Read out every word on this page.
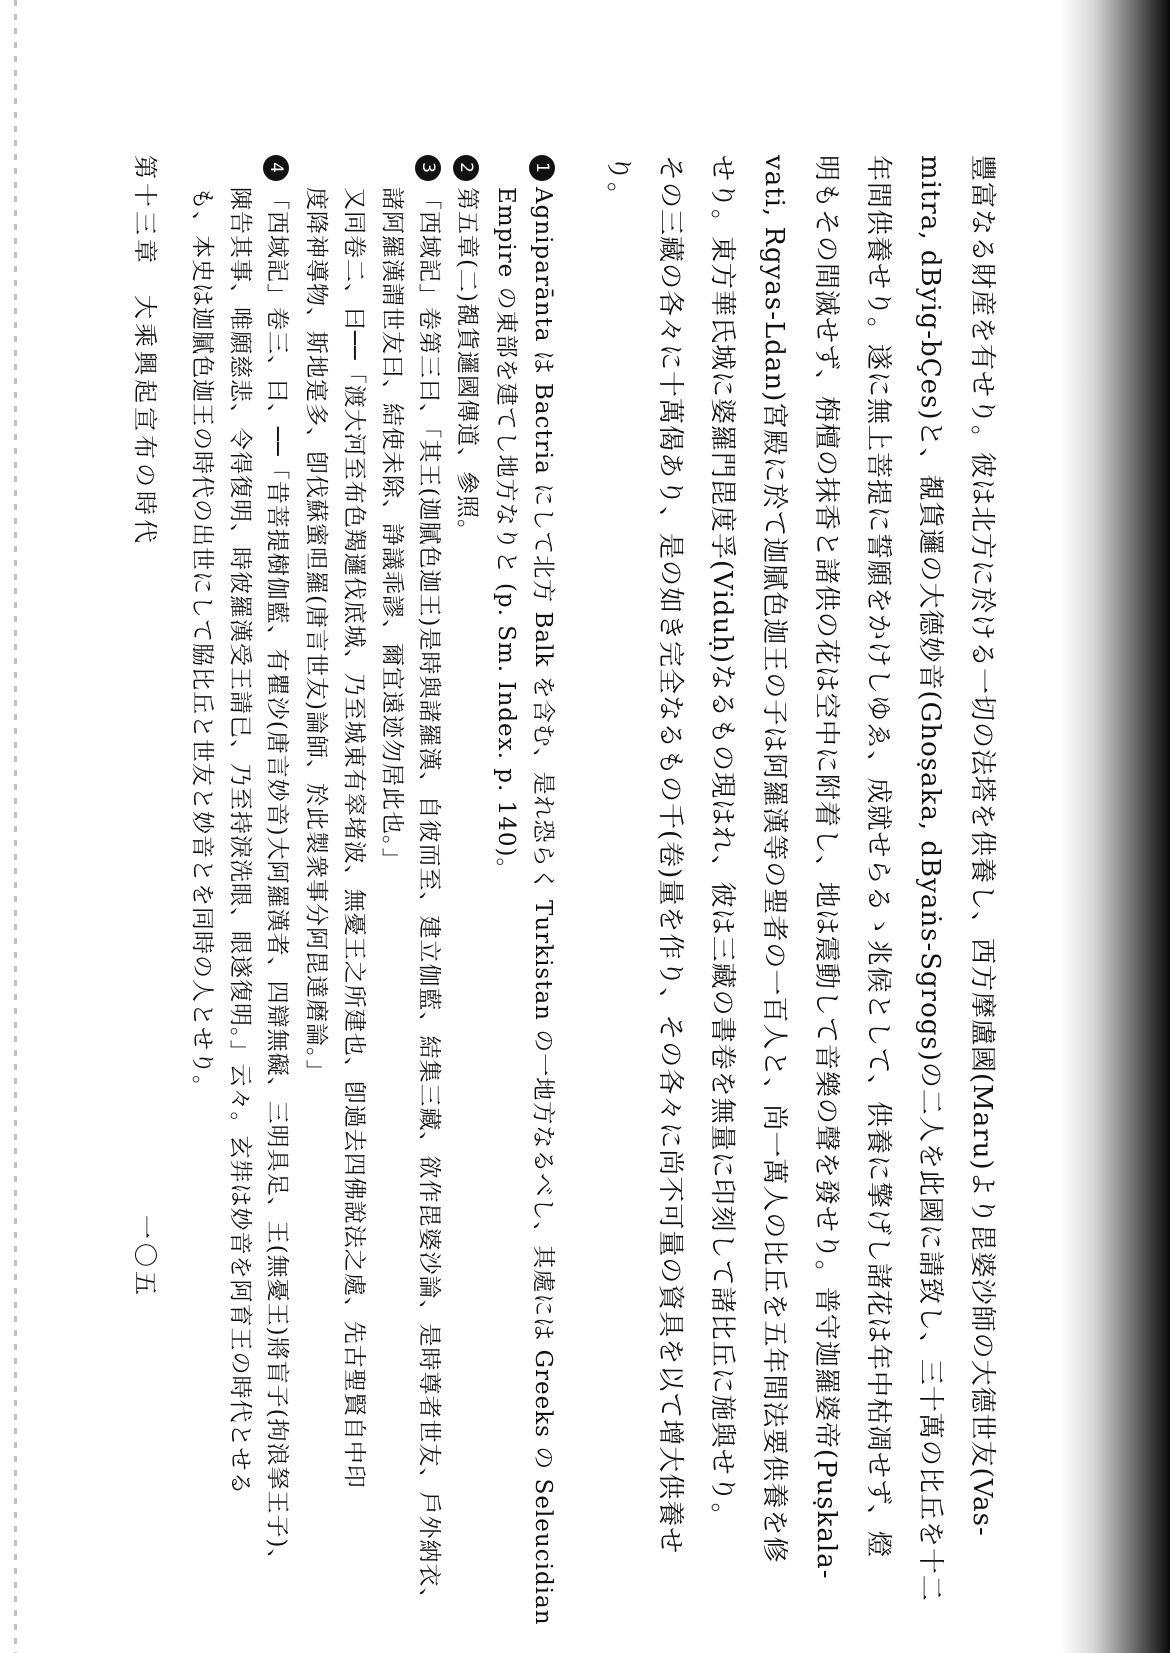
豐富なる財産を有せり。彼は北方に於ける一切の法塔を供養し、西方摩盧國(Maru)より毘婆沙師の大德世友(Vas-
mitra, dByig-bÇes)と、覩貨邏の大德妙音(Ghoṣaka, dByaṅs-Sgrogs)の二人を此國に請致し、三十萬の比丘を十二
年間供養せり。遂に無上菩提に誓願をかけしゆゑ、成就せらるゝ兆候として、供養に擎げし諸花は年中枯凋せず、燈
明もその間滅せず、栴檀の抹香と諸供の花は空中に附着し、地は震動して音樂の聲を發せり。普守迦羅婆帝(Puṣkala-
vati, Rgyas-Ldan)宮殿に於て迦膩色迦王の子は阿羅漢等の聖者の一百人と、尚一萬人の比丘を五年間法要供養を修
せり。東方華氏城に婆羅門毘度孚(Viduḥ)なるもの現はれ、彼は三藏の書卷を無量に印刻して諸比丘に施與せり。
その三藏の各々に十萬偈あり、是の如き完全なるもの千(卷)量を作り、その各々に尚不可量の資具を以て增大供養せ
り。
1Agniparānta は Bactria にして北方 Balk を含む、是れ恐らく Turkistan の一地方なるべし、其處には Greeks の Seleucidian
Empire の東部を建てし地方なりと (p. Sm. Index. p. 140)。
2第五章(二)覩貨邏國傳道、參照。
3「西域記」卷第三曰、「其王(迦膩色迦王)是時與諸羅漢、自彼而至、建立伽藍、結集三藏、欲作毘婆沙論、是時尊者世友、戶外納衣、
諸阿羅漢謂世友曰、結使未除、諍議乖謬、爾宜遠迹勿居此也。」
又同卷二、曰──「渡大河至布色羯邏伐底城、乃至城東有窣堵波、無憂王之所建也、卽過去四佛說法之處、先古聖賢自中印
度降神導物、斯地寔多、卽伐蘇蜜呾羅(唐言世友)論師、於此製衆事分阿毘達磨論。」
4「西域記」卷三、曰、──「昔菩提樹伽藍、有瞿沙(唐言妙音)大阿羅漢者、四辯無礙、三明具足、王(無憂王)將盲子(拘浪拏王子)、
陳告其事、唯願慈悲、令得復明、時彼羅漢受王請已、乃至持淚洗眼、眼遂復明。」云々。玄弉は妙音を阿育王の時代とせる
も、本史は迦膩色迦王の時代の出世にして脇比丘と世友と妙音とを同時の人とせり。
第十三章　大乘興起宣布の時代
一〇五
